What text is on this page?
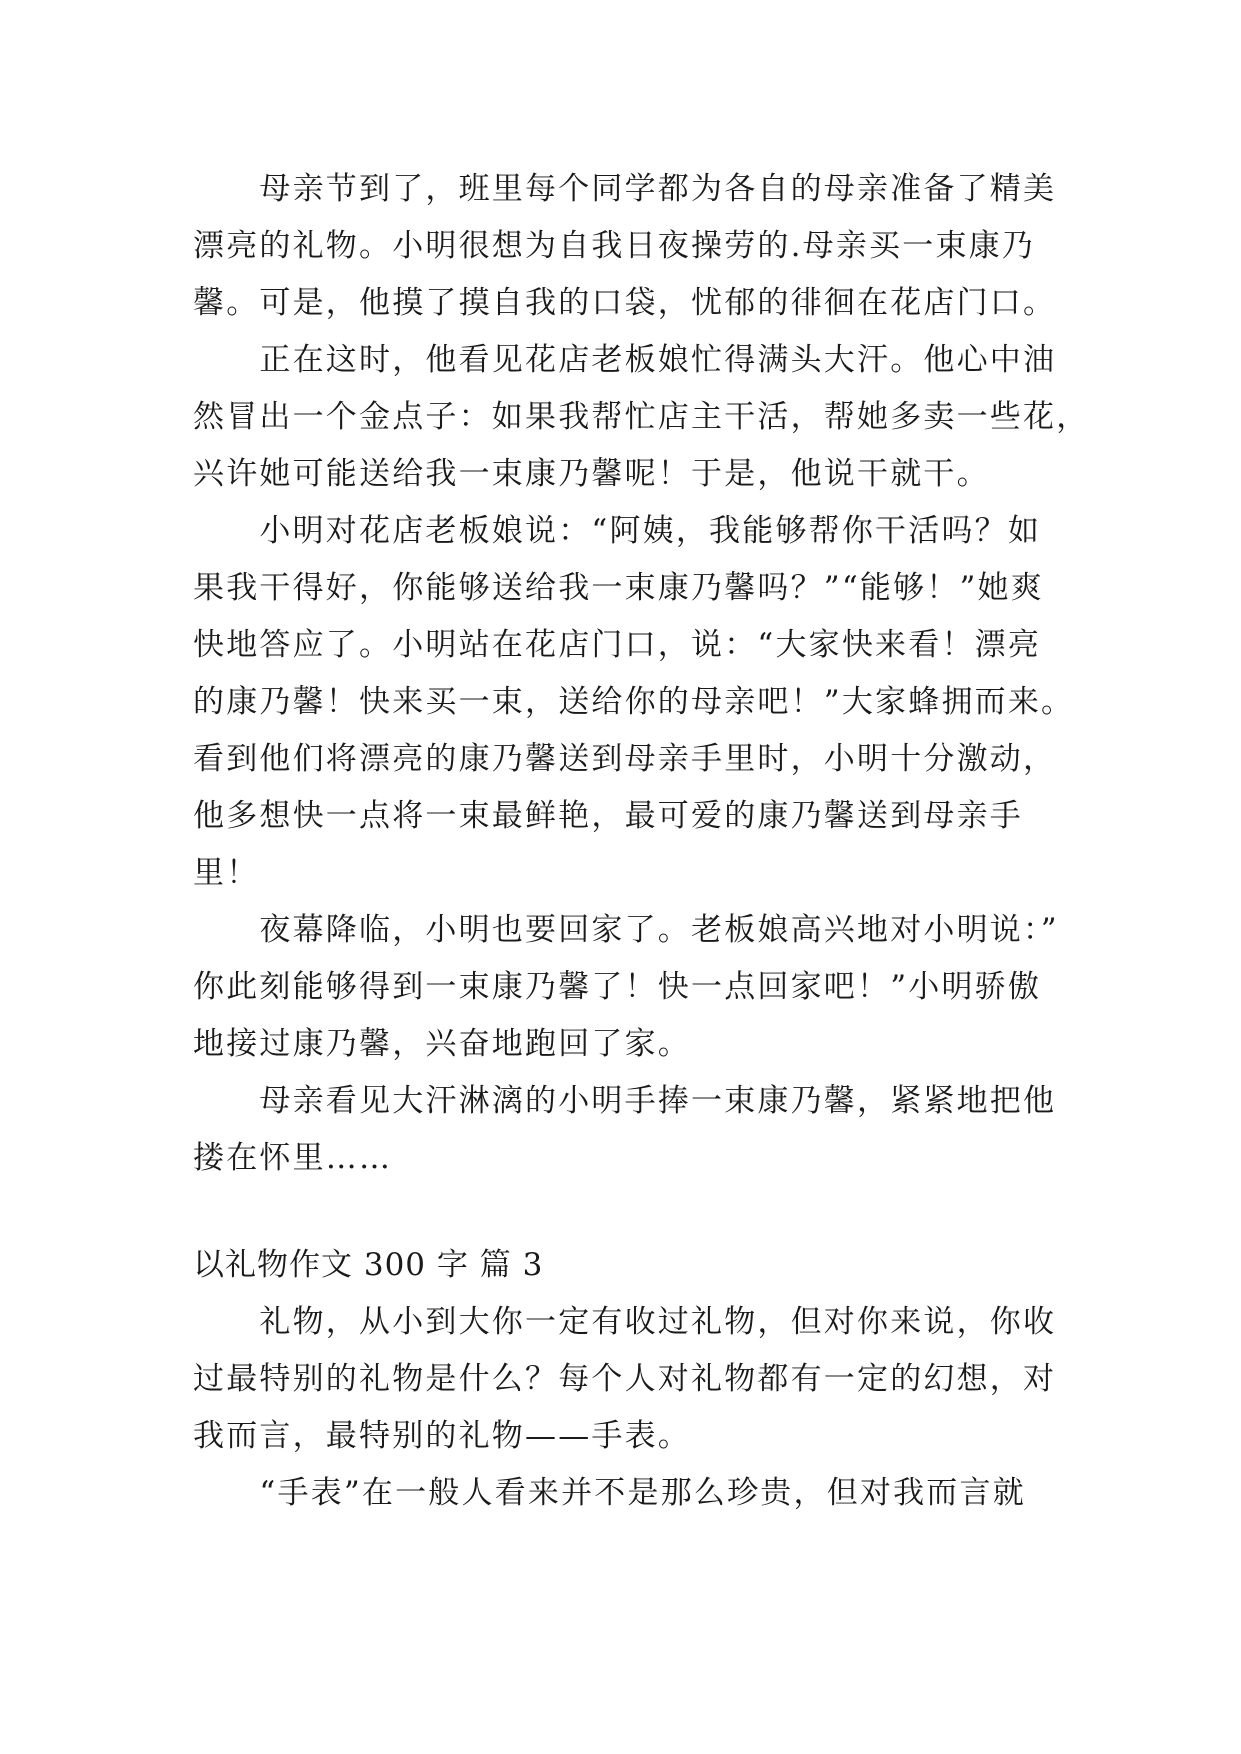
　　母亲节到了，班里每个同学都为各自的母亲准备了精美
漂亮的礼物。小明很想为自我日夜操劳的.母亲买一束康乃
馨。可是，他摸了摸自我的口袋，忧郁的徘徊在花店门口。
　　正在这时，他看见花店老板娘忙得满头大汗。他心中油
然冒出一个金点子：如果我帮忙店主干活，帮她多卖一些花，
兴许她可能送给我一束康乃馨呢！于是，他说干就干。
　　小明对花店老板娘说：“阿姨，我能够帮你干活吗？如
果我干得好，你能够送给我一束康乃馨吗？”“能够！”她爽
快地答应了。小明站在花店门口，说：“大家快来看！漂亮
的康乃馨！快来买一束，送给你的母亲吧！”大家蜂拥而来。
看到他们将漂亮的康乃馨送到母亲手里时，小明十分激动，
他多想快一点将一束最鲜艳，最可爱的康乃馨送到母亲手
里！
　　夜幕降临，小明也要回家了。老板娘高兴地对小明说：”
你此刻能够得到一束康乃馨了！快一点回家吧！”小明骄傲
地接过康乃馨，兴奋地跑回了家。
　　母亲看见大汗淋漓的小明手捧一束康乃馨，紧紧地把他
搂在怀里……
以礼物作文 300 字 篇 3
　　礼物，从小到大你一定有收过礼物，但对你来说，你收
过最特别的礼物是什么？每个人对礼物都有一定的幻想，对
我而言，最特别的礼物——手表。
　　“手表”在一般人看来并不是那么珍贵，但对我而言就
